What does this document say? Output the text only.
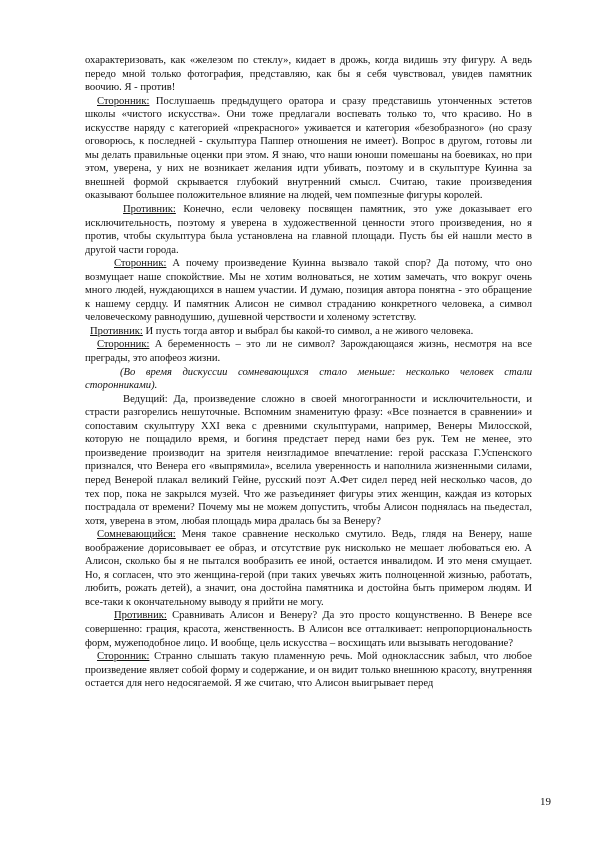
охарактеризовать, как «железом по стеклу», кидает в дрожь, когда видишь эту фигуру. А ведь передо мной только фотография, представляю, как бы я себя чувствовал, увидев памятник воочию. Я - против!

Сторонник: Послушаешь предыдущего оратора и сразу представишь утонченных эстетов школы «чистого искусства». Они тоже предлагали воспевать только то, что красиво. Но в искусстве наряду с категорией «прекрасного» уживается и категория «безобразного» (но сразу оговорюсь, к последней - скульптура Паппер отношения не имеет). Вопрос в другом, готовы ли мы делать правильные оценки при этом. Я знаю, что наши юноши помешаны на боевиках, но при этом, уверена, у них не возникает желания идти убивать, поэтому и в скульптуре Куинна за внешней формой скрывается глубокий внутренний смысл. Считаю, такие произведения оказывают большее положительное влияние на людей, чем помпезные фигуры королей.

Противник: Конечно, если человеку посвящен памятник, это уже доказывает его исключительность, поэтому я уверена в художественной ценности этого произведения, но я против, чтобы скульптура была установлена на главной площади. Пусть бы ей нашли место в другой части города.

Сторонник: А почему произведение Куинна вызвало такой спор? Да потому, что оно возмущает наше спокойствие. Мы не хотим волноваться, не хотим замечать, что вокруг очень много людей, нуждающихся в нашем участии. И думаю, позиция автора понятна - это обращение к нашему сердцу. И памятник Алисон не символ страданию конкретного человека, а символ человеческому равнодушию, душевной черствости и холеному эстетству.

Противник: И пусть тогда автор и выбрал бы какой-то символ, а не живого человека.

Сторонник: А беременность – это ли не символ? Зарождающаяся жизнь, несмотря на все преграды, это апофеоз жизни.

(Во время дискуссии сомневающихся стало меньше: несколько человек стали сторонниками).

Ведущий: Да, произведение сложно в своей многогранности и исключительности, и страсти разгорелись нешуточные. Вспомним знаменитую фразу: «Все познается в сравнении» и сопоставим скульптуру XXI века с древними скульптурами, например, Венеры Милосской, которую не пощадило время, и богиня предстает перед нами без рук. Тем не менее, это произведение производит на зрителя неизгладимое впечатление: герой рассказа Г.Успенского признался, что Венера его «выпрямила», вселила уверенность и наполнила жизненными силами, перед Венерой плакал великий Гейне, русский поэт А.Фет сидел перед ней несколько часов, до тех пор, пока не закрылся музей. Что же разъединяет фигуры этих женщин, каждая из которых пострадала от времени? Почему мы не можем допустить, чтобы Алисон поднялась на пьедестал, хотя, уверена в этом, любая площадь мира дралась бы за Венеру?

Сомневающийся: Меня такое сравнение несколько смутило. Ведь, глядя на Венеру, наше воображение дорисовывает ее образ, и отсутствие рук нисколько не мешает любоваться ею. А Алисон, сколько бы я не пытался вообразить ее иной, остается инвалидом. И это меня смущает. Но, я согласен, что это женщина-герой (при таких увечьях жить полноценной жизнью, работать, любить, рожать детей), а значит, она достойна памятника и достойна быть примером людям. И все-таки к окончательному выводу я прийти не могу.

Противник: Сравнивать Алисон и Венеру? Да это просто кощунственно. В Венере все совершенно: грация, красота, женственность. В Алисон все отталкивает: непропорциональность форм, мужеподобное лицо. И вообще, цель искусства – восхищать или вызывать негодование?

Сторонник: Странно слышать такую пламенную речь. Мой одноклассник забыл, что любое произведение являет собой форму и содержание, и он видит только внешнюю красоту, внутренняя остается для него недосягаемой. Я же считаю, что Алисон выигрывает перед

19
